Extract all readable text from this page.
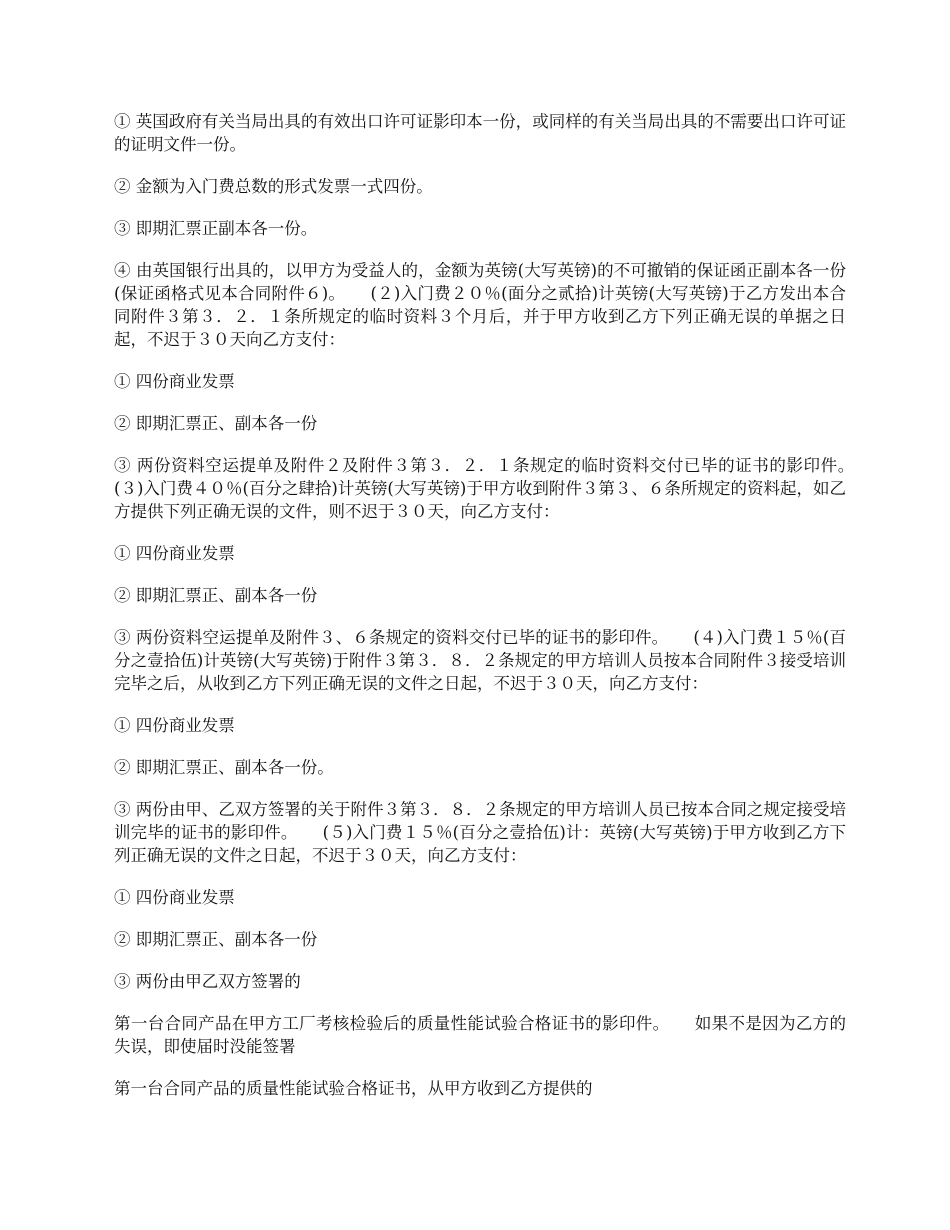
① 英国政府有关当局出具的有效出口许可证影印本一份，或同样的有关当局出具的不需要出口许可证的证明文件一份。

② 金额为入门费总数的形式发票一式四份。

③ 即期汇票正副本各一份。

④ 由英国银行出具的，以甲方为受益人的，金额为英镑(大写英镑)的不可撤销的保证函正副本各一份(保证函格式见本合同附件６)。　　(２)入门费２０％(面分之贰拾)计英镑(大写英镑)于乙方发出本合同附件３第３．２．１条所规定的临时资料３个月后，并于甲方收到乙方下列正确无误的单据之日起，不迟于３０天向乙方支付：

① 四份商业发票

② 即期汇票正、副本各一份

③ 两份资料空运提单及附件２及附件３第３．２．１条规定的临时资料交付已毕的证书的影印件。　　(３)入门费４０％(百分之肆拾)计英镑(大写英镑)于甲方收到附件３第３、６条所规定的资料起，如乙方提供下列正确无误的文件，则不迟于３０天，向乙方支付：

① 四份商业发票

② 即期汇票正、副本各一份

③ 两份资料空运提单及附件３、６条规定的资料交付已毕的证书的影印件。　　(４)入门费１５％(百分之壹拾伍)计英镑(大写英镑)于附件３第３．８．２条规定的甲方培训人员按本合同附件３接受培训完毕之后，从收到乙方下列正确无误的文件之日起，不迟于３０天，向乙方支付：

① 四份商业发票

② 即期汇票正、副本各一份。

③ 两份由甲、乙双方签署的关于附件３第３．８．２条规定的甲方培训人员已按本合同之规定接受培训完毕的证书的影印件。　　(５)入门费１５％(百分之壹拾伍)计：英镑(大写英镑)于甲方收到乙方下列正确无误的文件之日起，不迟于３０天，向乙方支付：

① 四份商业发票

② 即期汇票正、副本各一份

③ 两份由甲乙双方签署的

第一台合同产品在甲方工厂考核检验后的质量性能试验合格证书的影印件。　　如果不是因为乙方的失误，即使届时没能签署

第一台合同产品的质量性能试验合格证书，从甲方收到乙方提供的
